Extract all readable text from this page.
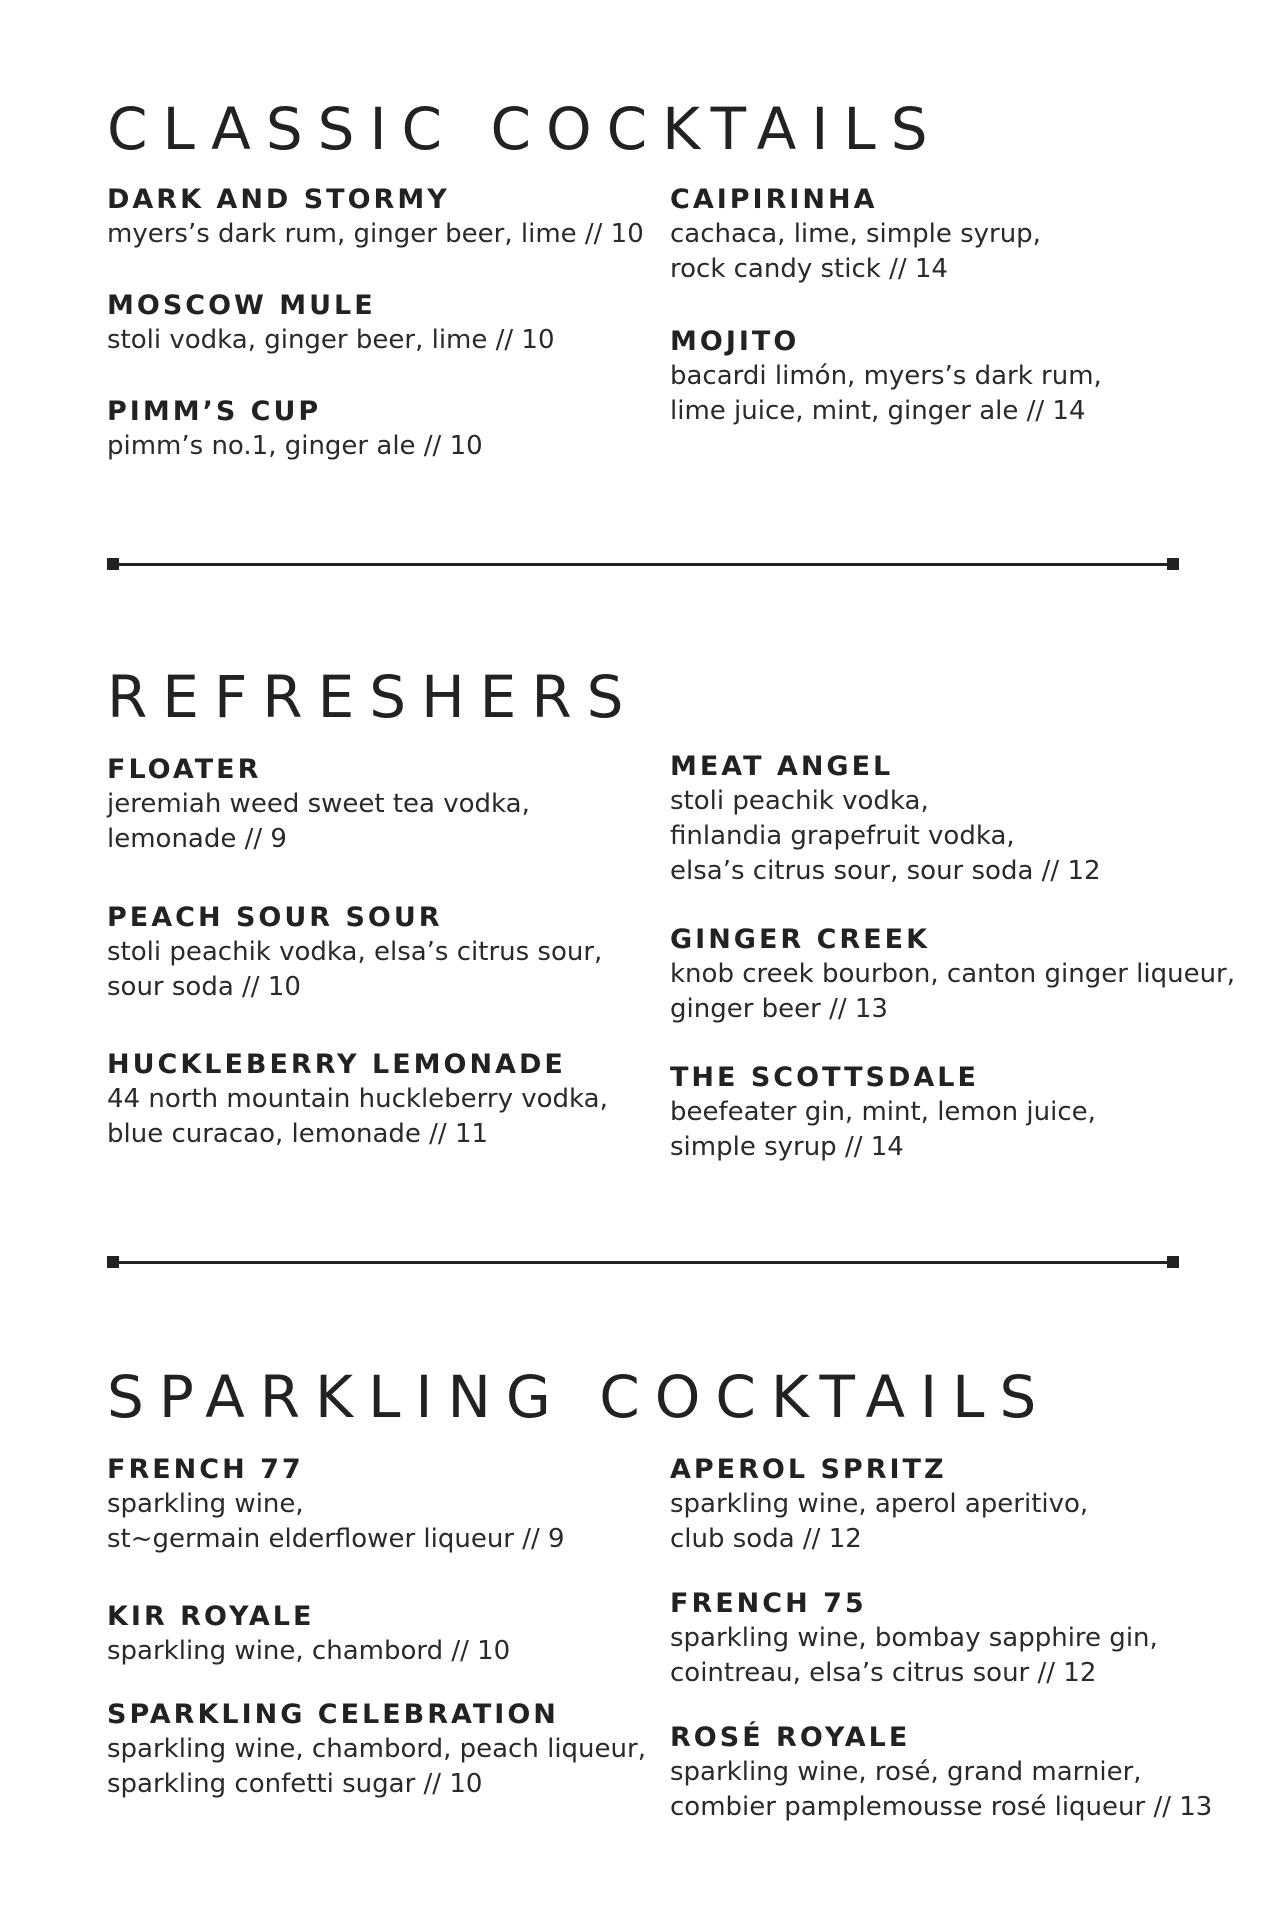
CLASSIC COCKTAILS
DARK AND STORMY
myers’s dark rum, ginger beer, lime // 10
CAIPIRINHA
cachaca, lime, simple syrup,
rock candy stick // 14
MOSCOW MULE
stoli vodka, ginger beer, lime // 10	MOJITO
bacardi limón, myers’s dark rum,
lime juice, mint, ginger ale // 14
PIMM’S CUP
pimm’s no.1, ginger ale // 10
REFRESHERS
FLOATER
jeremiah weed sweet tea vodka,
lemonade // 9
MEAT ANGEL
stoli peachik vodka,
finlandia grapefruit vodka,
elsa’s citrus sour, sour soda // 12
PEACH SOUR SOUR
stoli peachik vodka, elsa’s citrus sour,
sour soda // 10
GINGER CREEK
knob creek bourbon, canton ginger liqueur,
ginger beer // 13
HUCKLEBERRY LEMONADE
44 north mountain huckleberry vodka,
blue curacao, lemonade // 11
THE SCOTTSDALE
beefeater gin, mint, lemon juice,
simple syrup // 14
SPARKLING COCKTAILS
FRENCH 77
sparkling wine,
st~germain elderflower liqueur // 9
APEROL SPRITZ
sparkling wine, aperol aperitivo,
club soda // 12
KIR ROYALE
sparkling wine, chambord // 10
FRENCH 75
sparkling wine, bombay sapphire gin,
cointreau, elsa’s citrus sour // 12
SPARKLING CELEBRATION
sparkling wine, chambord, peach liqueur,
sparkling confetti sugar // 10
ROSÉ ROYALE
sparkling wine, rosé, grand marnier,
combier pamplemousse rosé liqueur // 13
